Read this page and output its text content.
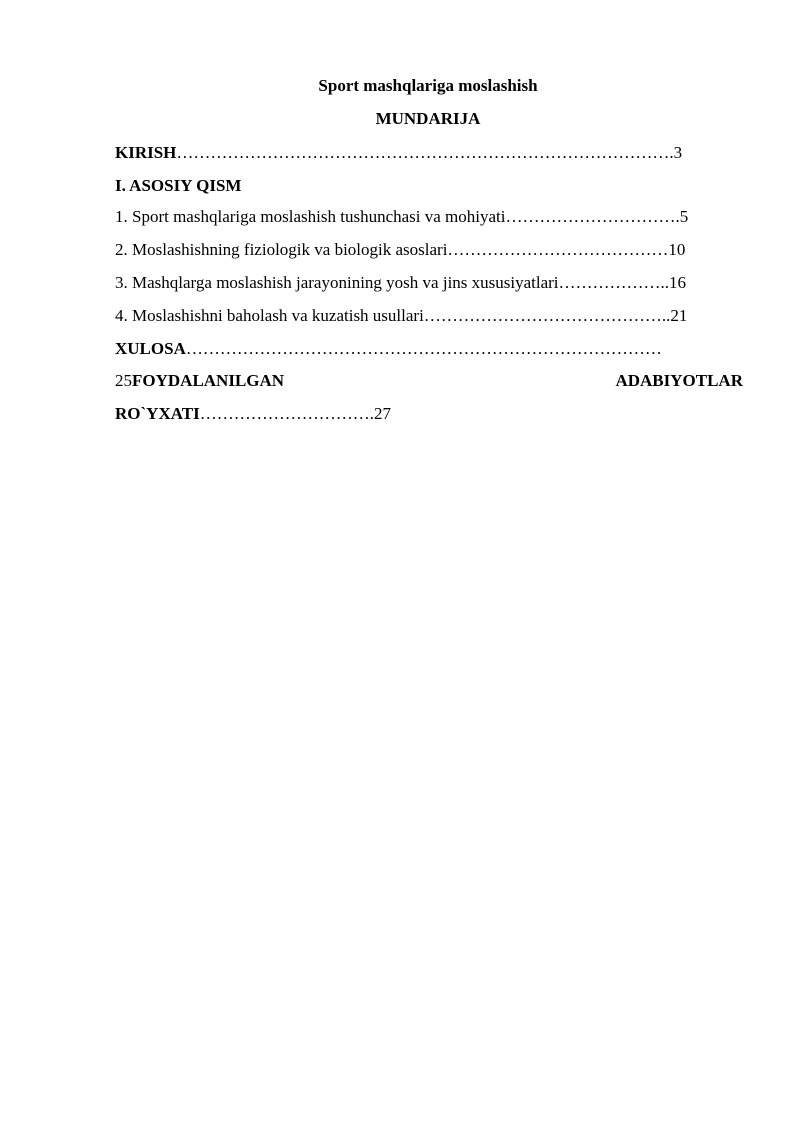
Sport mashqlariga moslashish
MUNDARIJA
KIRISH…………………………………………………………………………….3
I. ASOSIY QISM
1. Sport mashqlariga moslashish tushunchasi va mohiyati………………………….5
2. Moslashishning fiziologik va biologik asoslari…………………………………10
3. Mashqlarga moslashish jarayonining yosh va jins xususiyatlari………………..16
4. Moslashishni baholash va kuzatish usullari……………………………………..21
XULOSA…………………………………………………………………………
25FOYDALANILGAN	ADABIYOTLAR
RO`YXATI………………………….27
